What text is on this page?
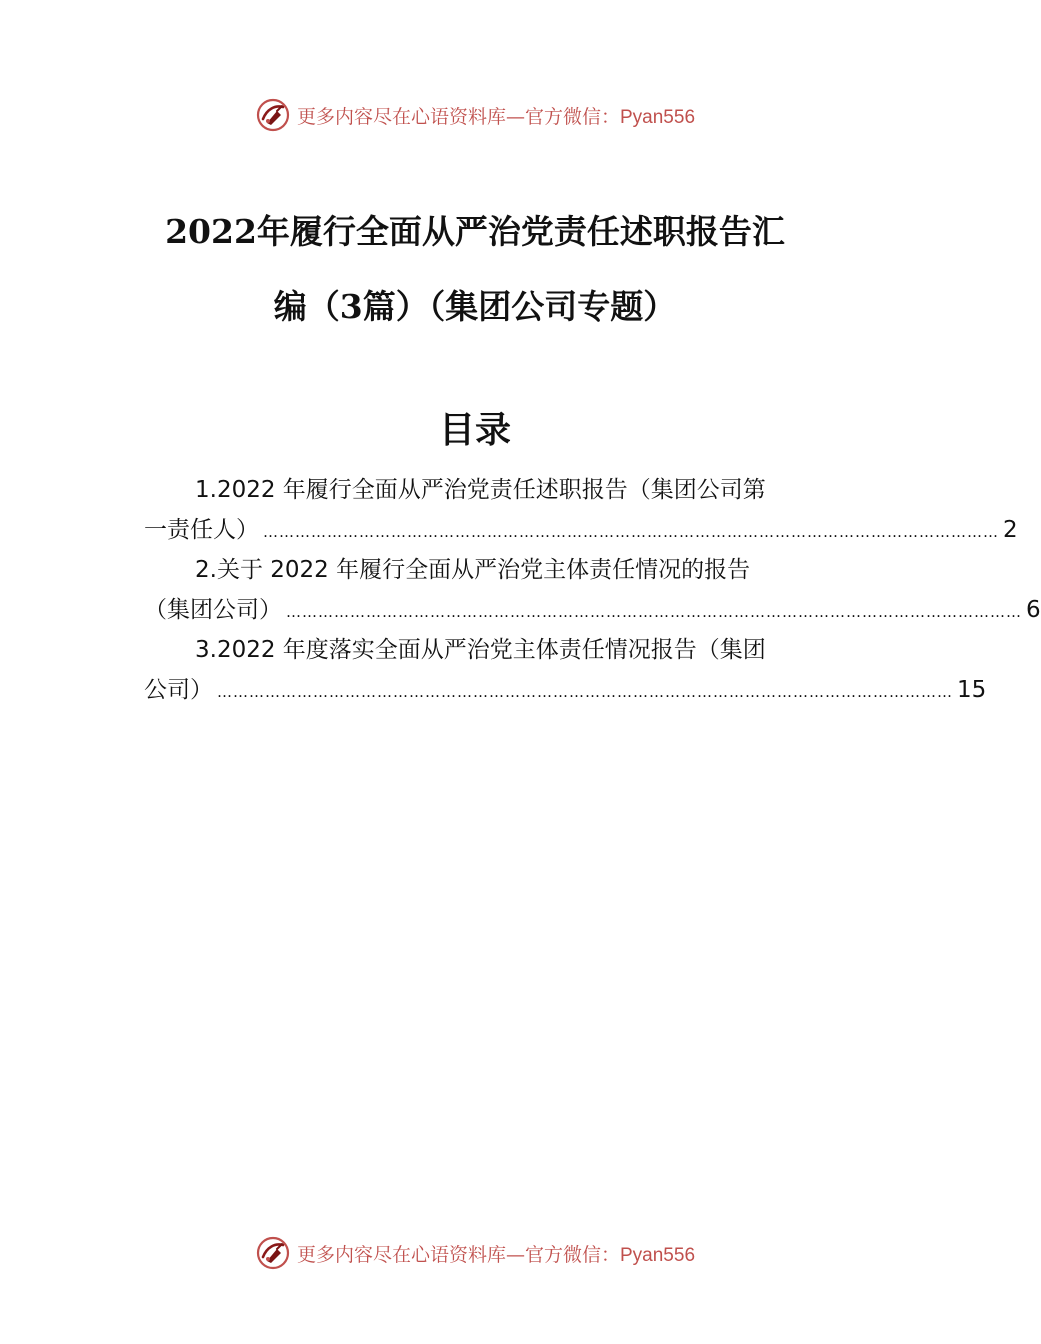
更多内容尽在心语资料库—官方微信：Pyan556
2022年履行全面从严治党责任述职报告汇
编（3篇）（集团公司专题）
目录
1.2022 年履行全面从严治党责任述职报告（集团公司第
一责任人） ………………………………………………………………………………………………………………………… 2
2.关于 2022 年履行全面从严治党主体责任情况的报告
（集团公司） ………………………………………………………………………………………………………………………… 6
3.2022 年度落实全面从严治党主体责任情况报告（集团
公司） ………………………………………………………………………………………………………………………… 15
更多内容尽在心语资料库—官方微信：Pyan556
